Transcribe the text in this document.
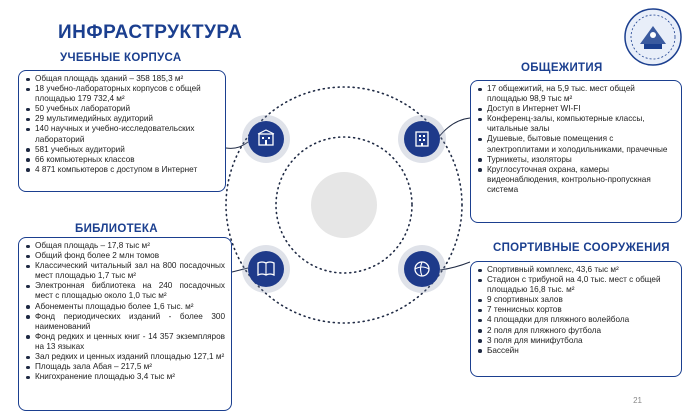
ИНФРАСТРУКТУРА
УЧЕБНЫЕ КОРПУСА
Общая площадь зданий – 358 185,3 м²
18 учебно-лабораторных корпусов с общей площадью 179 732,4 м²
50 учебных лабораторий
29 мультимедийных аудиторий
140 научных и учебно-исследовательских лабораторий
581 учебных аудиторий
66 компьютерных классов
4 871 компьютеров с доступом в Интернет
ОБЩЕЖИТИЯ
17 общежитий, на 5,9 тыс. мест общей площадью 98,9 тыс м²
Доступ в Интернет WI-FI
Конференц-залы, компьютерные классы, читальные залы
Душевые, бытовые помещения с электроплитами и холодильниками, прачечные
Турникеты, изоляторы
Круглосуточная охрана, камеры видеонаблюдения, контрольно-пропускная система
БИБЛИОТЕКА
Общая площадь – 17,8 тыс м²
Общий фонд более 2 млн томов
Классический читальный зал на 800 посадочных мест площадью 1,7 тыс м²
Электронная библиотека на 240 посадочных мест с площадью около 1,0 тыс м²
Абонементы площадью более 1,6 тыс. м²
Фонд периодических изданий - более 300 наименований
Фонд редких и ценных книг - 14 357 экземпляров на 13 языках
Зал редких и ценных изданий площадью 127,1 м²
Площадь зала Абая – 217,5 м²
Книгохранение площадью 3,4 тыс м²
СПОРТИВНЫЕ СООРУЖЕНИЯ
Спортивный комплекс, 43,6 тыс м²
Стадион с трибуной на 4,0 тыс. мест с общей площадью 16,8 тыс. м²
9 спортивных залов
7 теннисных кортов
4 площадки для пляжного волейбола
2 поля для пляжного футбола
3 поля для минифутбола
Бассейн
21
